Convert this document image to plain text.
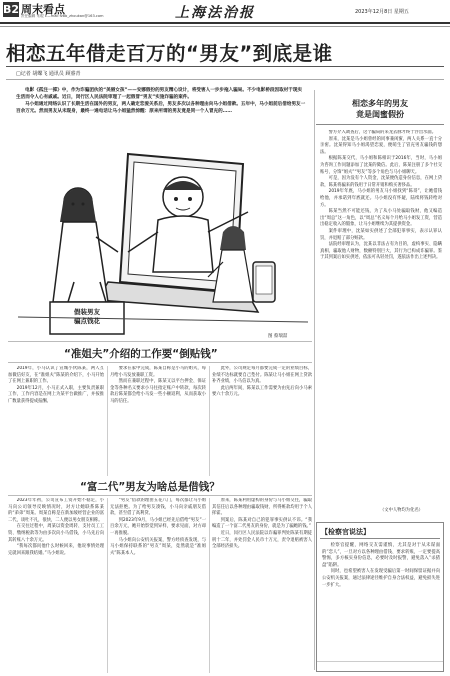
B2 周末看点
责任编辑 朱琨 E—mail:fzbb_zhoukan@163.com	上海法治报	2023年12月8日 星期五
相恋五年借走百万的“男友”到底是谁
□记者 胡蝶飞 通讯员 顾睿青

电影《孤注一掷》中，作为诈骗团伙的“美丽女孩”——安娜假扮的男友精心设计，将受害人一步步拖入骗局。不少电影桥段因取材于现实生活而令人心有戚戚。近日，闵行区人民法院审理了一起假冒“男友”实施诈骗的案件。

马小姐通过网络认识了长期生活在国外的男友，两人确定恋爱关系后，男友多次以各种理由向马小姐借款。五年中，马小姐前后借给男友一百余万元。然而男友从未现身，最终一通电话让马小姐猛然惊醒：原来所谓的男友竟是同一个人冒充的……

假装男友
骗点钱花
图 蔡瑞喆
“准姐夫”介绍的工作要“倒贴钱”

2019年，小马认识了宣城小伙陈某，两人互加微信好友，在“准姐夫”陈某的介绍下，小马开始了在网上兼职的工作。

2019年12月，小马正式入职，主要负责兼职工作，工作内容是在网上为某平台做推广，并按推广数量获得提成报酬。

要求在家中完成，陈某自称是小马的姐夫，每月给小马发放兼职工资。

然而在兼职过程中，陈某又以平台押金、保证金等各种名义要求小马往指定账户中转款，每次转款后陈某都会给小马发一些小额返利，从而获取小马的信任。

此外，公司规定每月都要完成一定的业绩目标，业绩不达标就要自己垫付。陈某让马小姐在网上贷款补齐业绩，小马信以为真。

此后两年间，陈某以工作需要为由先后向小马索要六十余万元。

“富二代”男友为啥总是借钱？

2023年年初，公司宣布工资开始不稳定，小马向公司领导反映情况时，对方让她联系陈某的“弟弟”周某。周某自称是在新加坡经营企业的富二代，谈吐不凡，很快，二人便以男女朋友相称。

在交往过程中，周某以资金周转、支付员工工资、缴纳税款等为由多次向小马借钱，小马先后向其转账八十余万元。

“我每次都问他什么时候回来，他说事情处理完就回来跟我结婚。”马小姐说。

“男友”借款的理由五花八门，每次都让马小姐无法拒绝。为了给男友凑钱，小马向亲戚朋友借款，甚至借了高利贷。

到2023年9月，马小姐已经先后借给“男友”一百余万元，她开始察觉到异样，要求见面，对方却一再推脱。

马小姐向公安机关报案，警方经侦查发现，与马小姐保持联系的“男友”周某，竟然就是“准姐夫”陈某本人。

原来，陈某利用虚构的身份与马小姐交往，骗取其信任后以各种理由骗取钱财，所得赃款均用于个人挥霍。

到案后，陈某对自己的犯罪事实供认不讳。“我编造了一个富二代男友的身份，就是为了骗她的钱。”

近日，闵行区人民法院以诈骗罪判处陈某有期徒刑十二年，并处罚金人民币十万元，责令退赔被害人全部经济损失。

相恋多年的男友
竟是闺蜜假扮

警方介入调查后，这个骗局的来龙去脉才终于浮出水面。

原来，沈某是马小姐曾经的同事兼闺蜜，两人关系一直十分亲密。沈某得知马小姐渴望恋爱，便萌生了冒充男友骗钱的想法。

根据陈某交代，马小姐和陈相识于2016年，当时，马小姐为咨询工作问题添加了沈某的微信。此后，陈某注册了多个社交账号，分饰“姐夫”“男友”等多个角色与马小姐聊天。

可是，因为没有个人资金，沈某便伪造身份信息，在网上贷款，陈某将骗来的钱用于日常开销和购买奢侈品。

2019年年底，马小姐的男友马小姐找到“陈哥”，让她借钱给他，并承诺到年底就还。马小姐没有怀疑，陆续将钱转给对方。

陈某当然不可能还钱，为了从小马处骗取钱财，他又编造出“周总”这一角色，以“周总”名义每个月给马小姐发工资，营造出稳定收入的假象，让马小姐继续为其提供资金。

案件审理中，沈某如实供述了全部犯罪事实，表示认罪认罚，并退赔了部分赃款。

法院经审理认为，沈某以非法占有为目的，虚构事实、隐瞒真相，骗取他人财物，数额特别巨大，其行为已构成诈骗罪。鉴于其到案后如实供述，依法可从轻处罚，遂依法作出上述判决。

（文中人物均为化名）
【检察官说法】

检察官提醒，网络交友需谨慎，尤其是对于从未谋面的“恋人”，一旦对方以各种理由借钱、要求转账，一定要提高警惕，多方核实身份信息，必要时及时报警，避免落入“杀猪盘”陷阱。

同时，也希望被害人在发现受骗后第一时间保留证据并向公安机关报案，通过法律途径维护自身合法权益，避免损失进一步扩大。
